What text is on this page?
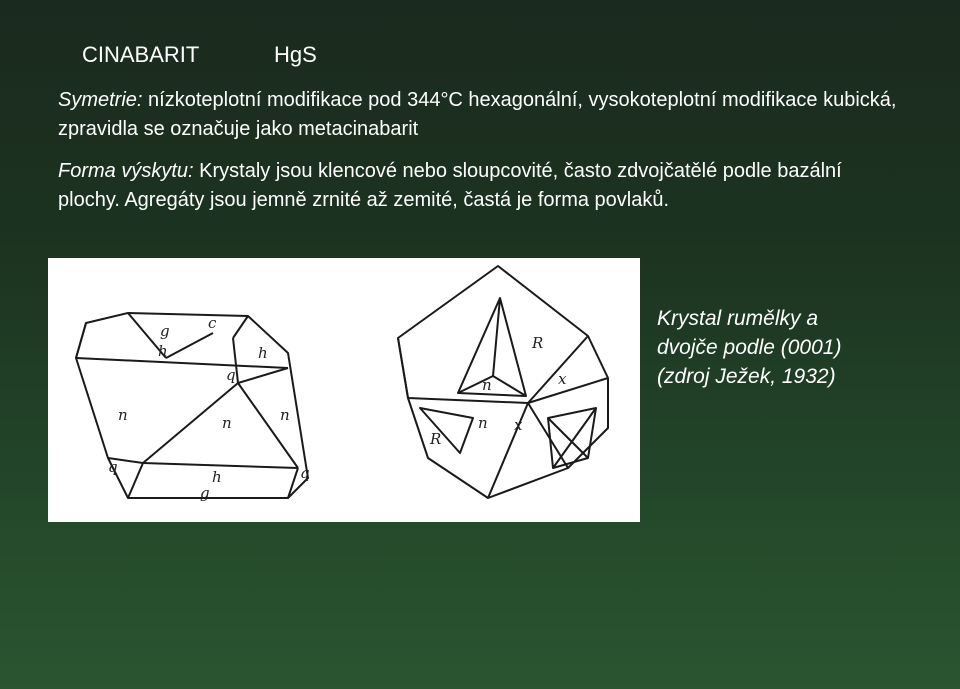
CINABARIT	HgS
Symetrie: nízkoteplotní modifikace pod 344°C hexagonální, vysokoteplotní modifikace kubická, zpravidla se označuje jako metacinabarit
Forma výskytu: Krystaly jsou klencové nebo sloupcovité, často zdvojčatělé podle bazální plochy. Agregáty jsou jemně zrnité až zemité, častá je forma povlaků.
g	c
h	h
q
n	n	n
h
g
q	q
R
n	x
R
n x
Krystal rumělky a
dvojče podle (0001)
(zdroj Ježek, 1932)
